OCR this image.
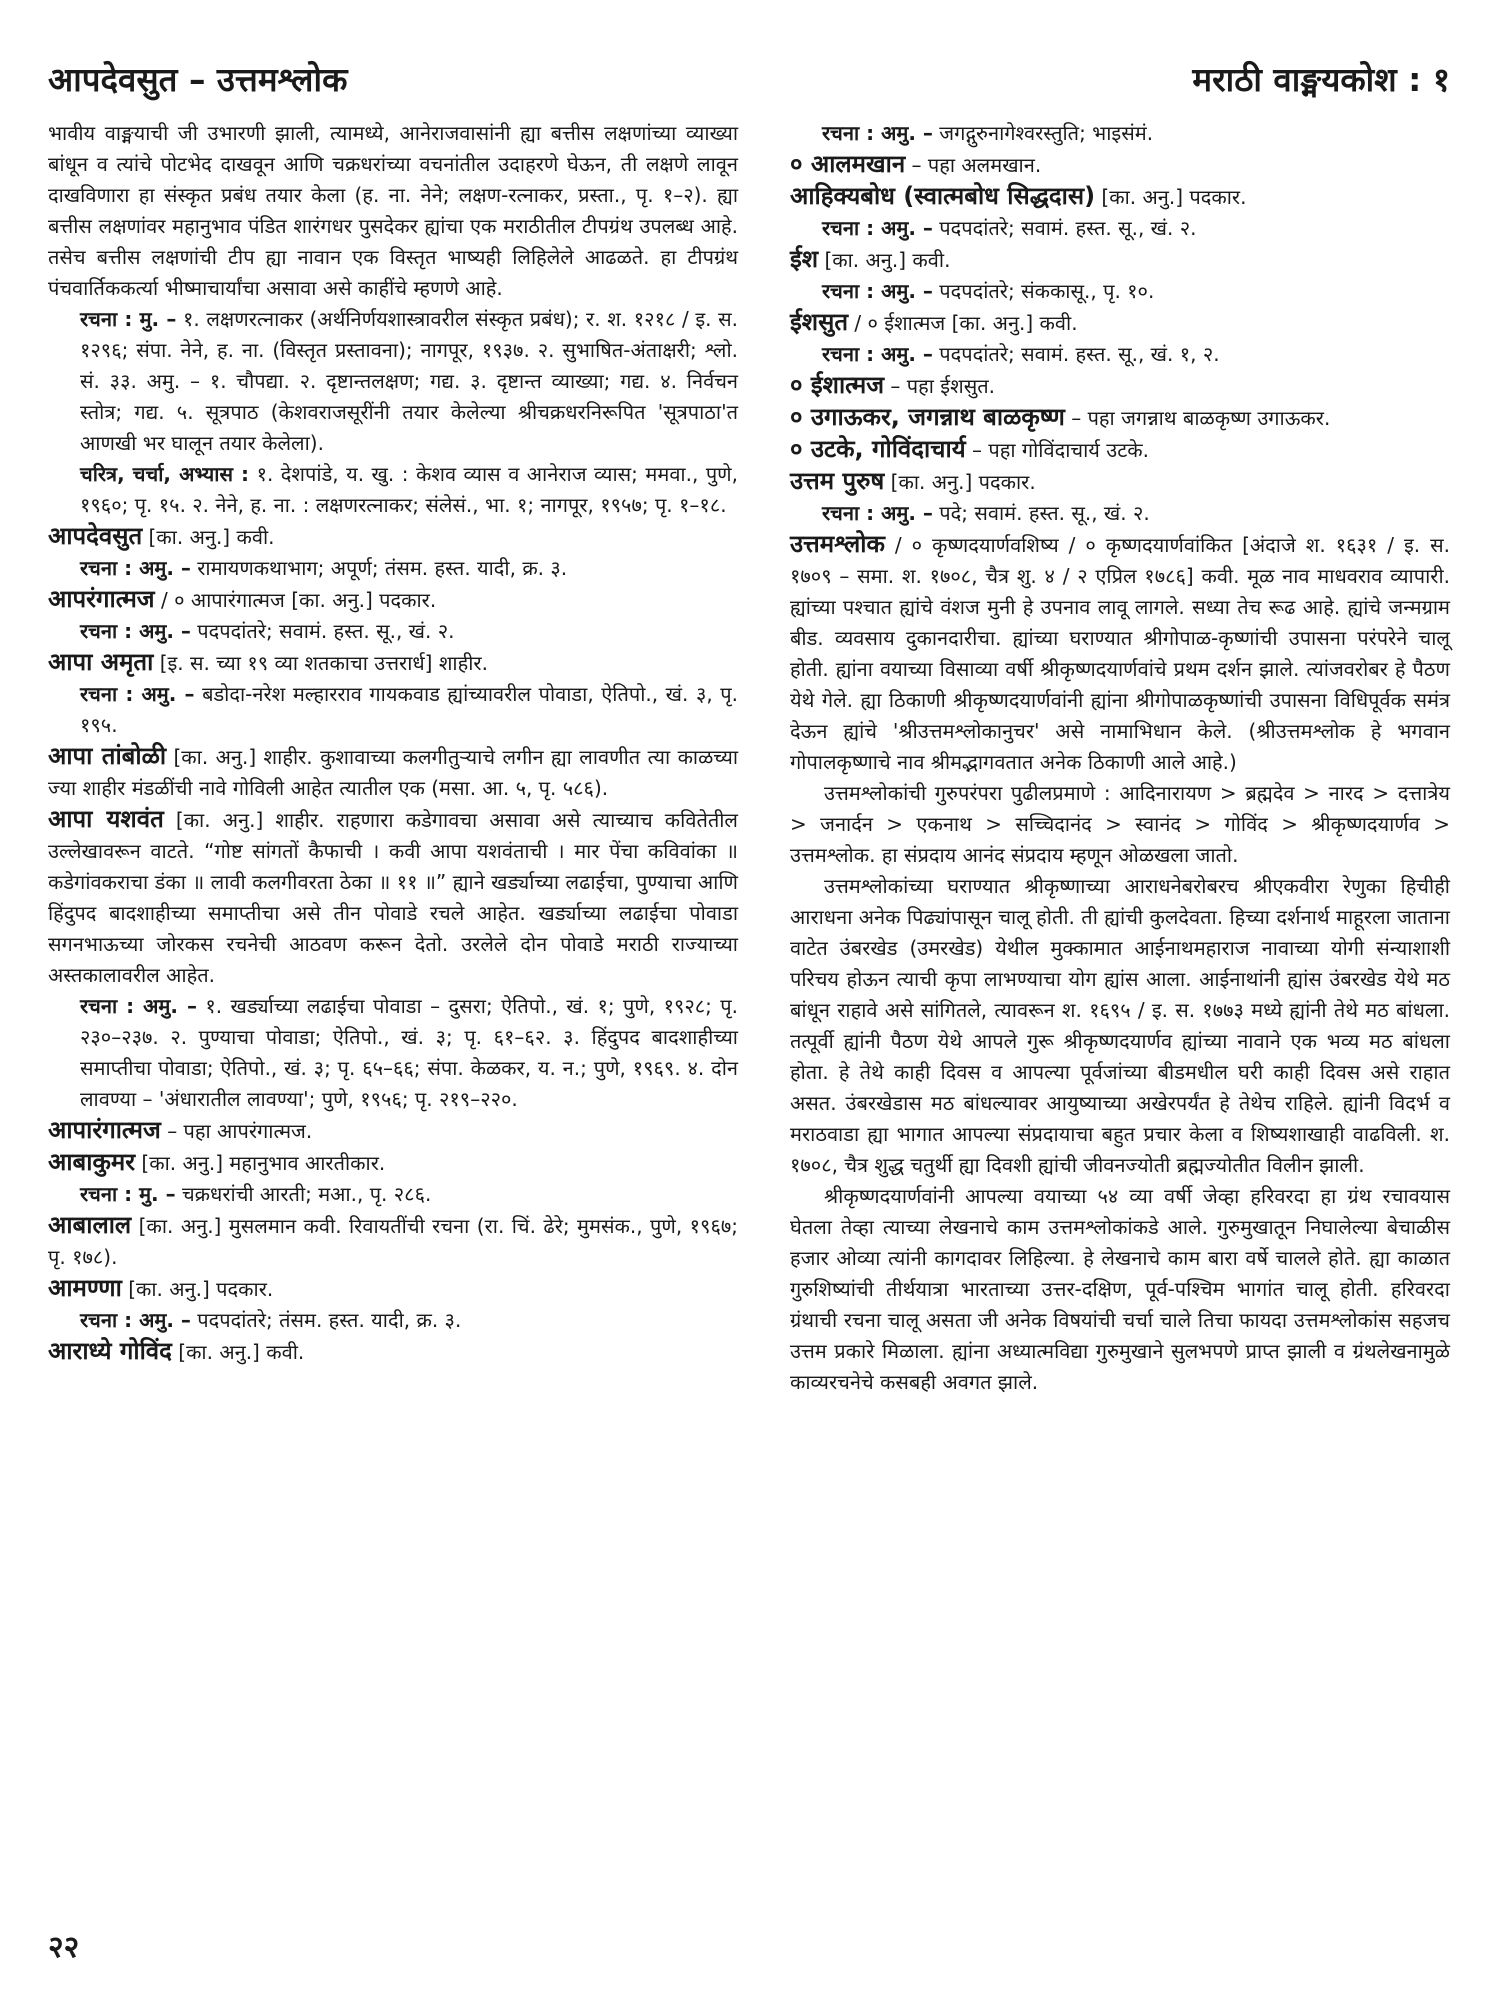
आपदेवसुत – उत्तमश्लोक	मराठी वाङ्मयकोश : १

भावीय वाङ्मयाची जी उभारणी झाली, त्यामध्ये, आनेराजवासांनी ह्या बत्तीस लक्षणांच्या व्याख्या बांधून व त्यांचे पोटभेद दाखवून आणि चक्रधरांच्या वचनांतील उदाहरणे घेऊन, ती लक्षणे लावून दाखविणारा हा संस्कृत प्रबंध तयार केला (ह. ना. नेने; लक्षण-रत्नाकर, प्रस्ता., पृ. १–२). ह्या बत्तीस लक्षणांवर महानुभाव पंडित शारंगधर पुसदेकर ह्यांचा एक मराठीतील टीपग्रंथ उपलब्ध आहे. तसेच बत्तीस लक्षणांची टीप ह्या नावान एक विस्तृत भाष्यही लिहिलेले आढळते. हा टीपग्रंथ पंचवार्तिककर्त्या भीष्माचार्यांचा असावा असे काहींचे म्हणणे आहे.

रचना : मु. – १. लक्षणरत्नाकर (अर्थनिर्णयशास्त्रावरील संस्कृत प्रबंध); र. श. १२१८ / इ. स. १२९६; संपा. नेने, ह. ना. (विस्तृत प्रस्तावना); नागपूर, १९३७. २. सुभाषित-अंताक्षरी; श्लो. सं. ३३. अमु. – १. चौपद्या. २. दृष्टान्तलक्षण; गद्य. ३. दृष्टान्त व्याख्या; गद्य. ४. निर्वचन स्तोत्र; गद्य. ५. सूत्रपाठ (केशवराजसूरींनी तयार केलेल्या श्रीचक्रधरनिरूपित 'सूत्रपाठा'त आणखी भर घालून तयार केलेला).

चरित्र, चर्चा, अभ्यास : १. देशपांडे, य. खु. : केशव व्यास व आनेराज व्यास; ममवा., पुणे, १९६०; पृ. १५. २. नेने, ह. ना. : लक्षणरत्नाकर; संलेसं., भा. १; नागपूर, १९५७; पृ. १–१८.

आपदेवसुत [का. अनु.] कवी.

रचना : अमु. – रामायणकथाभाग; अपूर्ण; तंसम. हस्त. यादी, क्र. ३.

आपरंगात्मज / ० आपारंगात्मज [का. अनु.] पदकार.

रचना : अमु. – पदपदांतरे; सवामं. हस्त. सू., खं. २.

आपा अमृता [इ. स. च्या १९ व्या शतकाचा उत्तरार्ध] शाहीर.

रचना : अमु. – बडोदा-नरेश मल्हारराव गायकवाड ह्यांच्यावरील पोवाडा, ऐतिपो., खं. ३, पृ. १९५.

आपा तांबोळी [का. अनु.] शाहीर. कुशावाच्या कलगीतुऱ्याचे लगीन ह्या लावणीत त्या काळच्या ज्या शाहीर मंडळींची नावे गोविली आहेत त्यातील एक (मसा. आ. ५, पृ. ५८६).

आपा यशवंत [का. अनु.] शाहीर. राहणारा कडेगावचा असावा असे त्याच्याच कवितेतील उल्लेखावरून वाटते. “गोष्ट सांगतों कैफाची । कवी आपा यशवंताची । मार पेंचा कविवांका ॥ कडेगांवकराचा डंका ॥ लावी कलगीवरता ठेका ॥ ११ ॥” ह्याने खर्ड्याच्या लढाईचा, पुण्याचा आणि हिंदुपद बादशाहीच्या समाप्तीचा असे तीन पोवाडे रचले आहेत. खर्ड्याच्या लढाईचा पोवाडा सगनभाऊच्या जोरकस रचनेची आठवण करून देतो. उरलेले दोन पोवाडे मराठी राज्याच्या अस्तकालावरील आहेत.

रचना : अमु. – १. खर्ड्याच्या लढाईचा पोवाडा – दुसरा; ऐतिपो., खं. १; पुणे, १९२८; पृ. २३०–२३७. २. पुण्याचा पोवाडा; ऐतिपो., खं. ३; पृ. ६१–६२. ३. हिंदुपद बादशाहीच्या समाप्तीचा पोवाडा; ऐतिपो., खं. ३; पृ. ६५–६६; संपा. केळकर, य. न.; पुणे, १९६९. ४. दोन लावण्या – 'अंधारातील लावण्या'; पुणे, १९५६; पृ. २१९–२२०.

आपारंगात्मज – पहा आपरंगात्मज.

आबाकुमर [का. अनु.] महानुभाव आरतीकार.

रचना : मु. – चक्रधरांची आरती; मआ., पृ. २८६.

आबालाल [का. अनु.] मुसलमान कवी. रिवायतींची रचना (रा. चिं. ढेरे; मुमसंक., पुणे, १९६७; पृ. १७८).

आमण्णा [का. अनु.] पदकार.

रचना : अमु. – पदपदांतरे; तंसम. हस्त. यादी, क्र. ३.

आराध्ये गोविंद [का. अनु.] कवी.

रचना : अमु. – जगद्गुरुनागेश्वरस्तुति; भाइसंमं.

० आलमखान – पहा अलमखान.

आहिक्यबोध (स्वात्मबोध सिद्धदास) [का. अनु.] पदकार.

रचना : अमु. – पदपदांतरे; सवामं. हस्त. सू., खं. २.

ईश [का. अनु.] कवी.

रचना : अमु. – पदपदांतरे; संककासू., पृ. १०.

ईशसुत / ० ईशात्मज [का. अनु.] कवी.

रचना : अमु. – पदपदांतरे; सवामं. हस्त. सू., खं. १, २.

० ईशात्मज – पहा ईशसुत.

० उगाऊकर, जगन्नाथ बाळकृष्ण – पहा जगन्नाथ बाळकृष्ण उगाऊकर.

० उटके, गोविंदाचार्य – पहा गोविंदाचार्य उटके.

उत्तम पुरुष [का. अनु.] पदकार.

रचना : अमु. – पदे; सवामं. हस्त. सू., खं. २.

उत्तमश्लोक / ० कृष्णदयार्णवशिष्य / ० कृष्णदयार्णवांकित [अंदाजे श. १६३१ / इ. स. १७०९ – समा. श. १७०८, चैत्र शु. ४ / २ एप्रिल १७८६] कवी. मूळ नाव माधवराव व्यापारी. ह्यांच्या पश्चात ह्यांचे वंशज मुनी हे उपनाव लावू लागले. सध्या तेच रूढ आहे. ह्यांचे जन्मग्राम बीड. व्यवसाय दुकानदारीचा. ह्यांच्या घराण्यात श्रीगोपाळ-कृष्णांची उपासना परंपरेने चालू होती. ह्यांना वयाच्या विसाव्या वर्षी श्रीकृष्णदयार्णवांचे प्रथम दर्शन झाले. त्यांजवरोबर हे पैठण येथे गेले. ह्या ठिकाणी श्रीकृष्णदयार्णवांनी ह्यांना श्रीगोपाळकृष्णांची उपासना विधिपूर्वक समंत्र देऊन ह्यांचे 'श्रीउत्तमश्लोकानुचर' असे नामाभिधान केले. (श्रीउत्तमश्लोक हे भगवान गोपालकृष्णाचे नाव श्रीमद्भागवतात अनेक ठिकाणी आले आहे.)

उत्तमश्लोकांची गुरुपरंपरा पुढीलप्रमाणे : आदिनारायण > ब्रह्मदेव > नारद > दत्तात्रेय > जनार्दन > एकनाथ > सच्चिदानंद > स्वानंद > गोविंद > श्रीकृष्णदयार्णव > उत्तमश्लोक. हा संप्रदाय आनंद संप्रदाय म्हणून ओळखला जातो.

उत्तमश्लोकांच्या घराण्यात श्रीकृष्णाच्या आराधनेबरोबरच श्रीएकवीरा रेणुका हिचीही आराधना अनेक पिढ्यांपासून चालू होती. ती ह्यांची कुलदेवता. हिच्या दर्शनार्थ माहूरला जाताना वाटेत उंबरखेड (उमरखेड) येथील मुक्कामात आईनाथमहाराज नावाच्या योगी संन्याशाशी परिचय होऊन त्याची कृपा लाभण्याचा योग ह्यांस आला. आईनाथांनी ह्यांस उंबरखेड येथे मठ बांधून राहावे असे सांगितले, त्यावरून श. १६९५ / इ. स. १७७३ मध्ये ह्यांनी तेथे मठ बांधला. तत्पूर्वी ह्यांनी पैठण येथे आपले गुरू श्रीकृष्णदयार्णव ह्यांच्या नावाने एक भव्य मठ बांधला होता. हे तेथे काही दिवस व आपल्या पूर्वजांच्या बीडमधील घरी काही दिवस असे राहात असत. उंबरखेडास मठ बांधल्यावर आयुष्याच्या अखेरपर्यंत हे तेथेच राहिले. ह्यांनी विदर्भ व मराठवाडा ह्या भागात आपल्या संप्रदायाचा बहुत प्रचार केला व शिष्यशाखाही वाढविली. श. १७०८, चैत्र शुद्ध चतुर्थी ह्या दिवशी ह्यांची जीवनज्योती ब्रह्मज्योतीत विलीन झाली.

श्रीकृष्णदयार्णवांनी आपल्या वयाच्या ५४ व्या वर्षी जेव्हा हरिवरदा हा ग्रंथ रचावयास घेतला तेव्हा त्याच्या लेखनाचे काम उत्तमश्लोकांकडे आले. गुरुमुखातून निघालेल्या बेचाळीस हजार ओव्या त्यांनी कागदावर लिहिल्या. हे लेखनाचे काम बारा वर्षे चालले होते. ह्या काळात गुरुशिष्यांची तीर्थयात्रा भारताच्या उत्तर-दक्षिण, पूर्व-पश्चिम भागांत चालू होती. हरिवरदा ग्रंथाची रचना चालू असता जी अनेक विषयांची चर्चा चाले तिचा फायदा उत्तमश्लोकांस सहजच उत्तम प्रकारे मिळाला. ह्यांना अध्यात्मविद्या गुरुमुखाने सुलभपणे प्राप्त झाली व ग्रंथलेखनामुळे काव्यरचनेचे कसबही अवगत झाले.

२२
